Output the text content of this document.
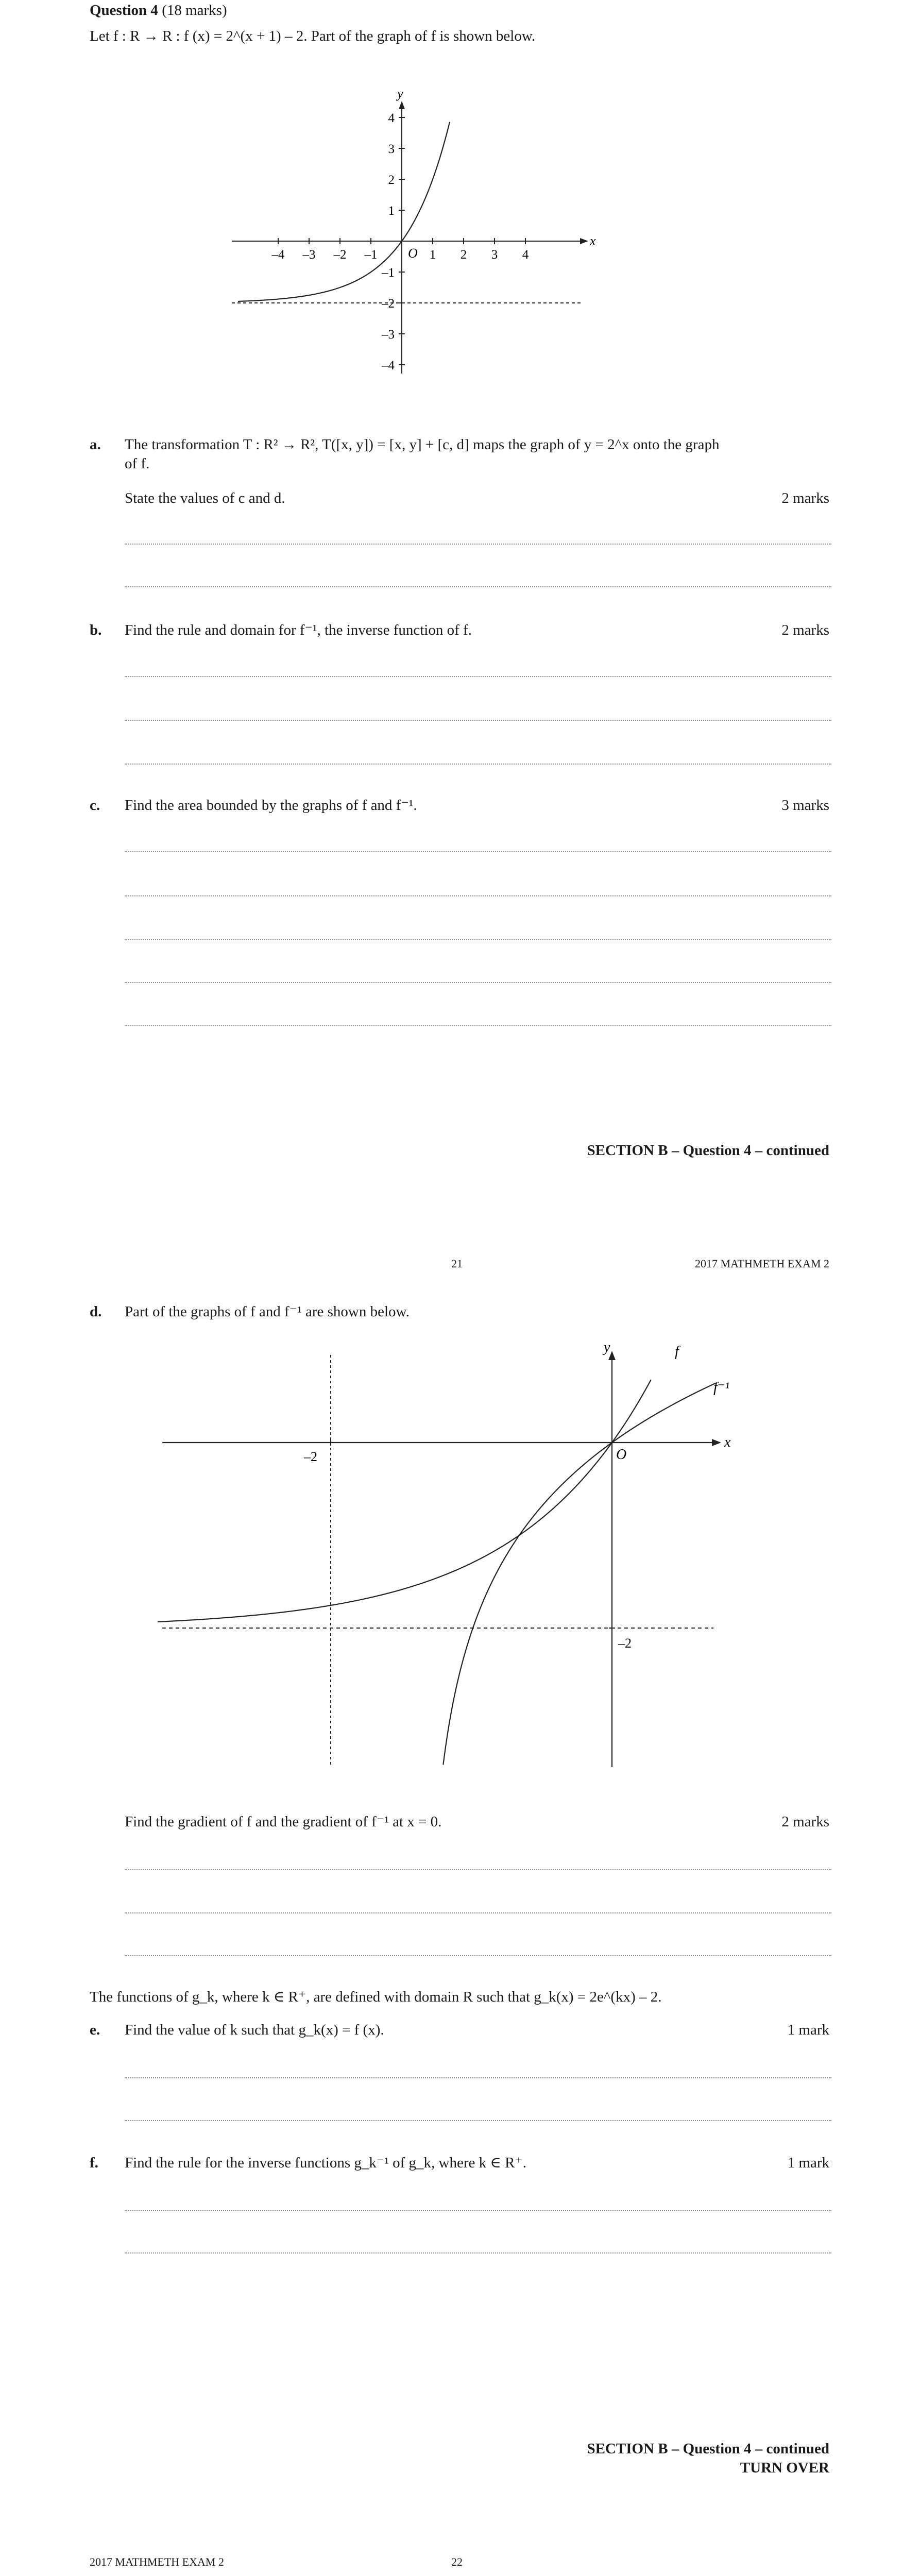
Question 4 (18 marks)
Let f : R → R : f (x) = 2^(x + 1) – 2. Part of the graph of f is shown below.
x
y
O
–4 –3 –2 –1	1 2 3 4
4
3
2
1
–1
–2
–3
–4
a. The transformation T : R² → R², T([x, y]) = [x, y] + [c, d] maps the graph of y = 2^x onto the graph
of f.
State the values of c and d.	2 marks
b. Find the rule and domain for f⁻¹, the inverse function of f.	2 marks
c. Find the area bounded by the graphs of f and f⁻¹.	3 marks
SECTION B – Question 4 – continued
21	2017 MATHMETH EXAM 2
d. Part of the graphs of f and f⁻¹ are shown below.
x
y
O
f
f⁻¹
–2
–2
Find the gradient of f and the gradient of f⁻¹ at x = 0.	2 marks
The functions of g_k, where k ∈ R⁺, are defined with domain R such that g_k(x) = 2e^(kx) – 2.
e. Find the value of k such that g_k(x) = f (x).	1 mark
f. Find the rule for the inverse functions g_k⁻¹ of g_k, where k ∈ R⁺.	1 mark
SECTION B – Question 4 – continued
TURN OVER
2017 MATHMETH EXAM 2	22
